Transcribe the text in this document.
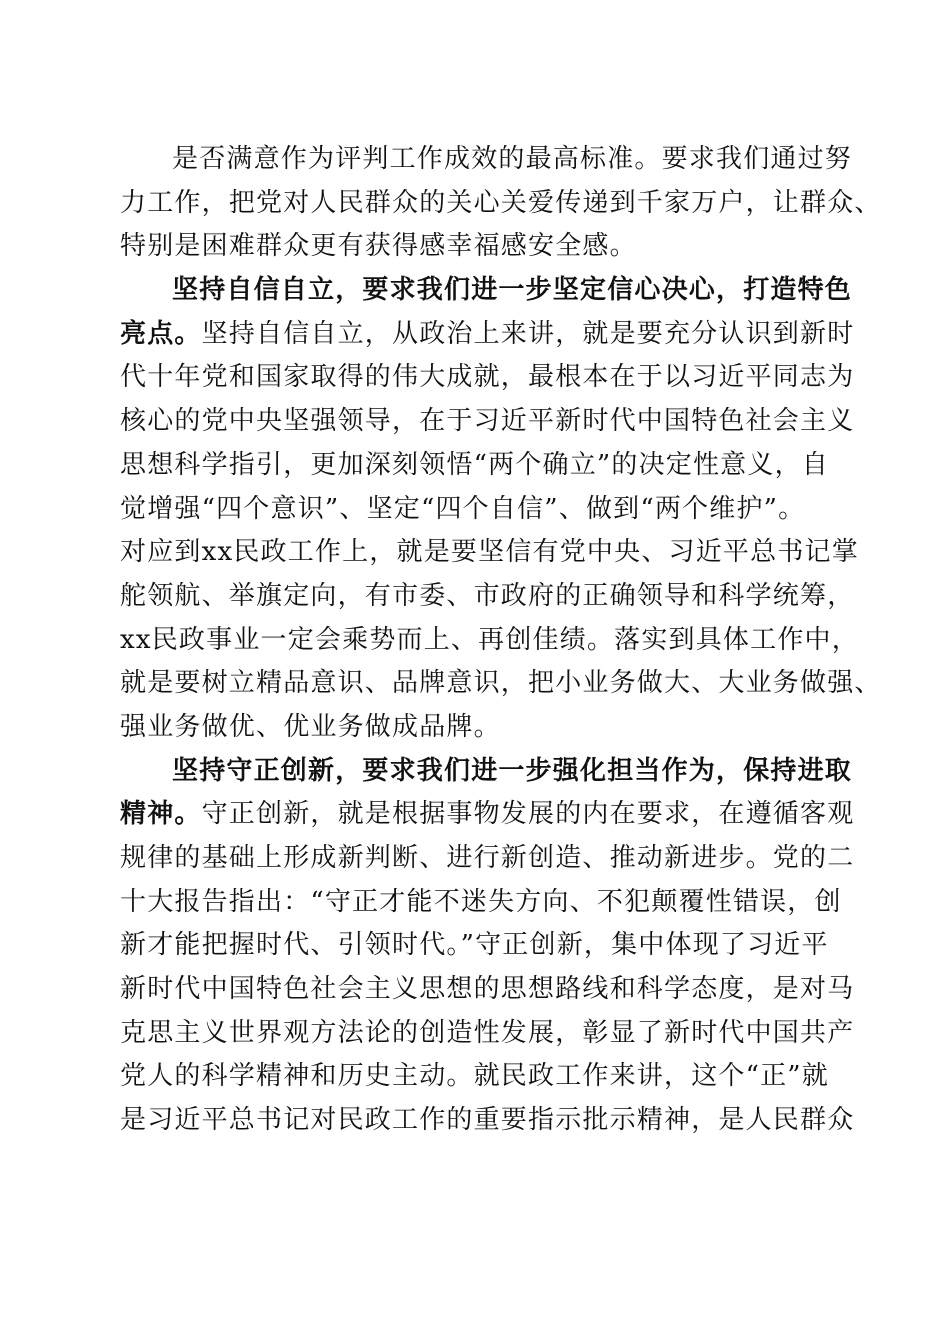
是否满意作为评判工作成效的最高标准。要求我们通过努
力工作，把党对人民群众的关心关爱传递到千家万户，让群众、
特别是困难群众更有获得感幸福感安全感。
坚持自信自立，要求我们进一步坚定信心决心，打造特色
亮点。坚持自信自立，从政治上来讲，就是要充分认识到新时
代十年党和国家取得的伟大成就，最根本在于以习近平同志为
核心的党中央坚强领导，在于习近平新时代中国特色社会主义
思想科学指引，更加深刻领悟“两个确立”的决定性意义，自
觉增强“四个意识”、坚定“四个自信”、做到“两个维护”。
对应到xx民政工作上，就是要坚信有党中央、习近平总书记掌
舵领航、举旗定向，有市委、市政府的正确领导和科学统筹，
xx民政事业一定会乘势而上、再创佳绩。落实到具体工作中，
就是要树立精品意识、品牌意识，把小业务做大、大业务做强、
强业务做优、优业务做成品牌。
坚持守正创新，要求我们进一步强化担当作为，保持进取
精神。守正创新，就是根据事物发展的内在要求，在遵循客观
规律的基础上形成新判断、进行新创造、推动新进步。党的二
十大报告指出：“守正才能不迷失方向、不犯颠覆性错误，创
新才能把握时代、引领时代。”守正创新，集中体现了习近平
新时代中国特色社会主义思想的思想路线和科学态度，是对马
克思主义世界观方法论的创造性发展，彰显了新时代中国共产
党人的科学精神和历史主动。就民政工作来讲，这个“正”就
是习近平总书记对民政工作的重要指示批示精神，是人民群众
